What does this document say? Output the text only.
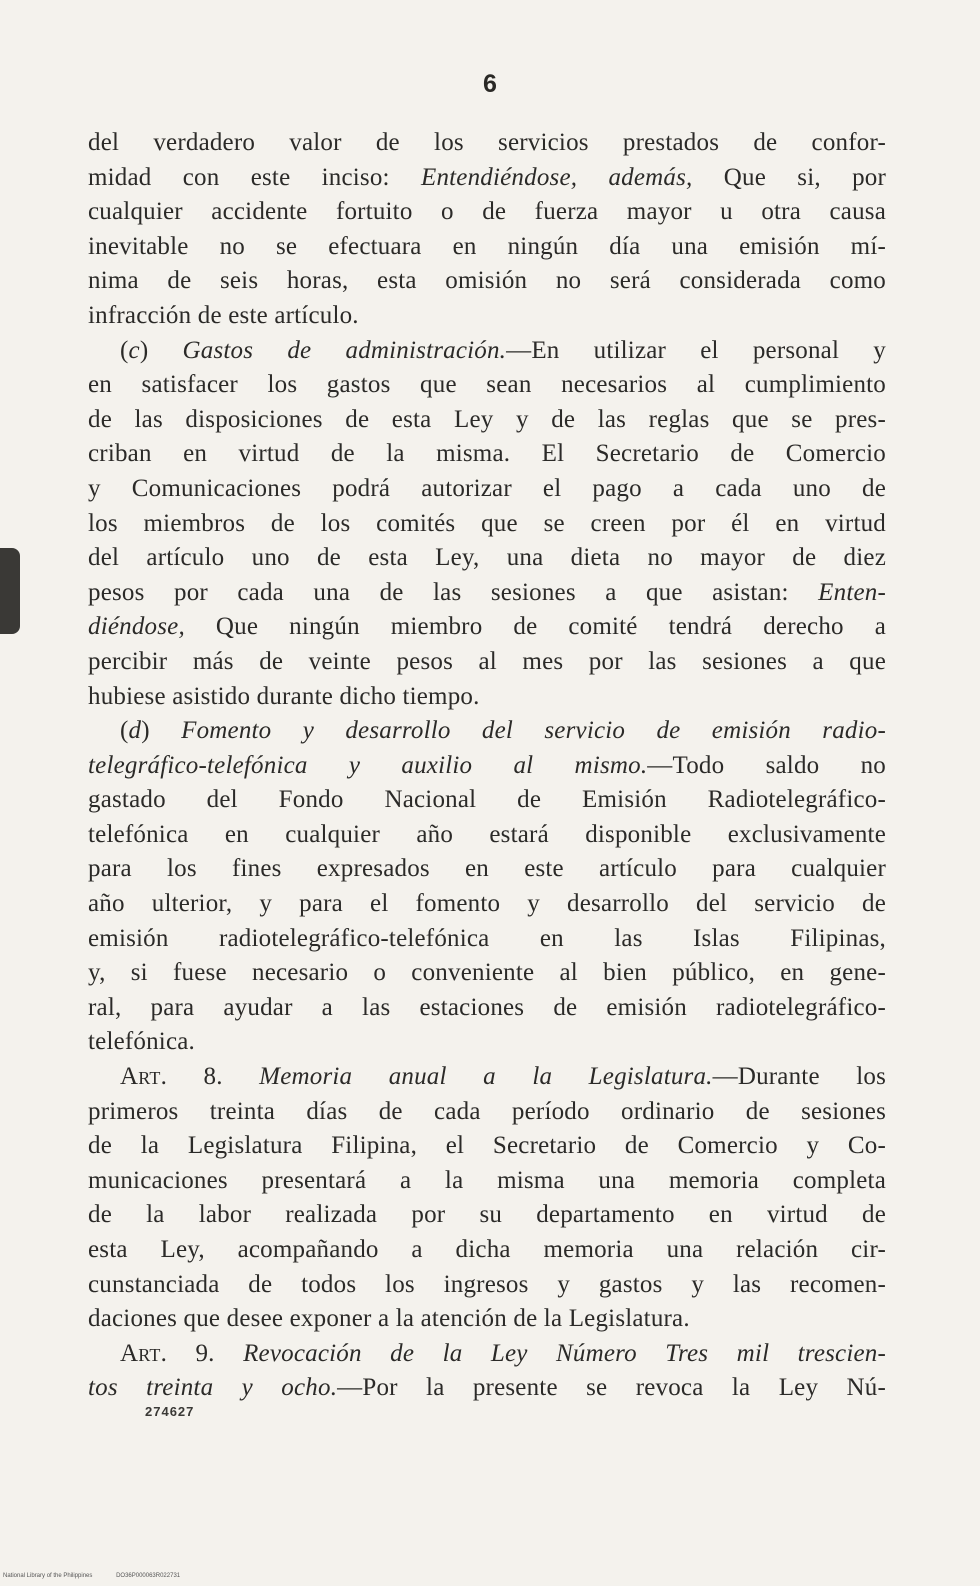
6
del verdadero valor de los servicios prestados de confor-
midad con este inciso: Entendiéndose, además, Que si, por
cualquier accidente fortuito o de fuerza mayor u otra causa
inevitable no se efectuara en ningún día una emisión mí-
nima de seis horas, esta omisión no será considerada como
infracción de este artículo.
(c) Gastos de administración.—En utilizar el personal y
en satisfacer los gastos que sean necesarios al cumplimiento
de las disposiciones de esta Ley y de las reglas que se pres-
criban en virtud de la misma. El Secretario de Comercio
y Comunicaciones podrá autorizar el pago a cada uno de
los miembros de los comités que se creen por él en virtud
del artículo uno de esta Ley, una dieta no mayor de diez
pesos por cada una de las sesiones a que asistan: Enten-
diéndose, Que ningún miembro de comité tendrá derecho a
percibir más de veinte pesos al mes por las sesiones a que
hubiese asistido durante dicho tiempo.
(d) Fomento y desarrollo del servicio de emisión radio-
telegráfico-telefónica y auxilio al mismo.—Todo saldo no
gastado del Fondo Nacional de Emisión Radiotelegráfico-
telefónica en cualquier año estará disponible exclusivamente
para los fines expresados en este artículo para cualquier
año ulterior, y para el fomento y desarrollo del servicio de
emisión radiotelegráfico-telefónica en las Islas Filipinas,
y, si fuese necesario o conveniente al bien público, en gene-
ral, para ayudar a las estaciones de emisión radiotelegráfico-
telefónica.
Art. 8. Memoria anual a la Legislatura.—Durante los
primeros treinta días de cada período ordinario de sesiones
de la Legislatura Filipina, el Secretario de Comercio y Co-
municaciones presentará a la misma una memoria completa
de la labor realizada por su departamento en virtud de
esta Ley, acompañando a dicha memoria una relación cir-
cunstanciada de todos los ingresos y gastos y las recomen-
daciones que desee exponer a la atención de la Legislatura.
Art. 9. Revocación de la Ley Número Tres mil trescien-
tos treinta y ocho.—Por la presente se revoca la Ley Nú-
274627
National Library of the Philippines	DO36P000063R022731
